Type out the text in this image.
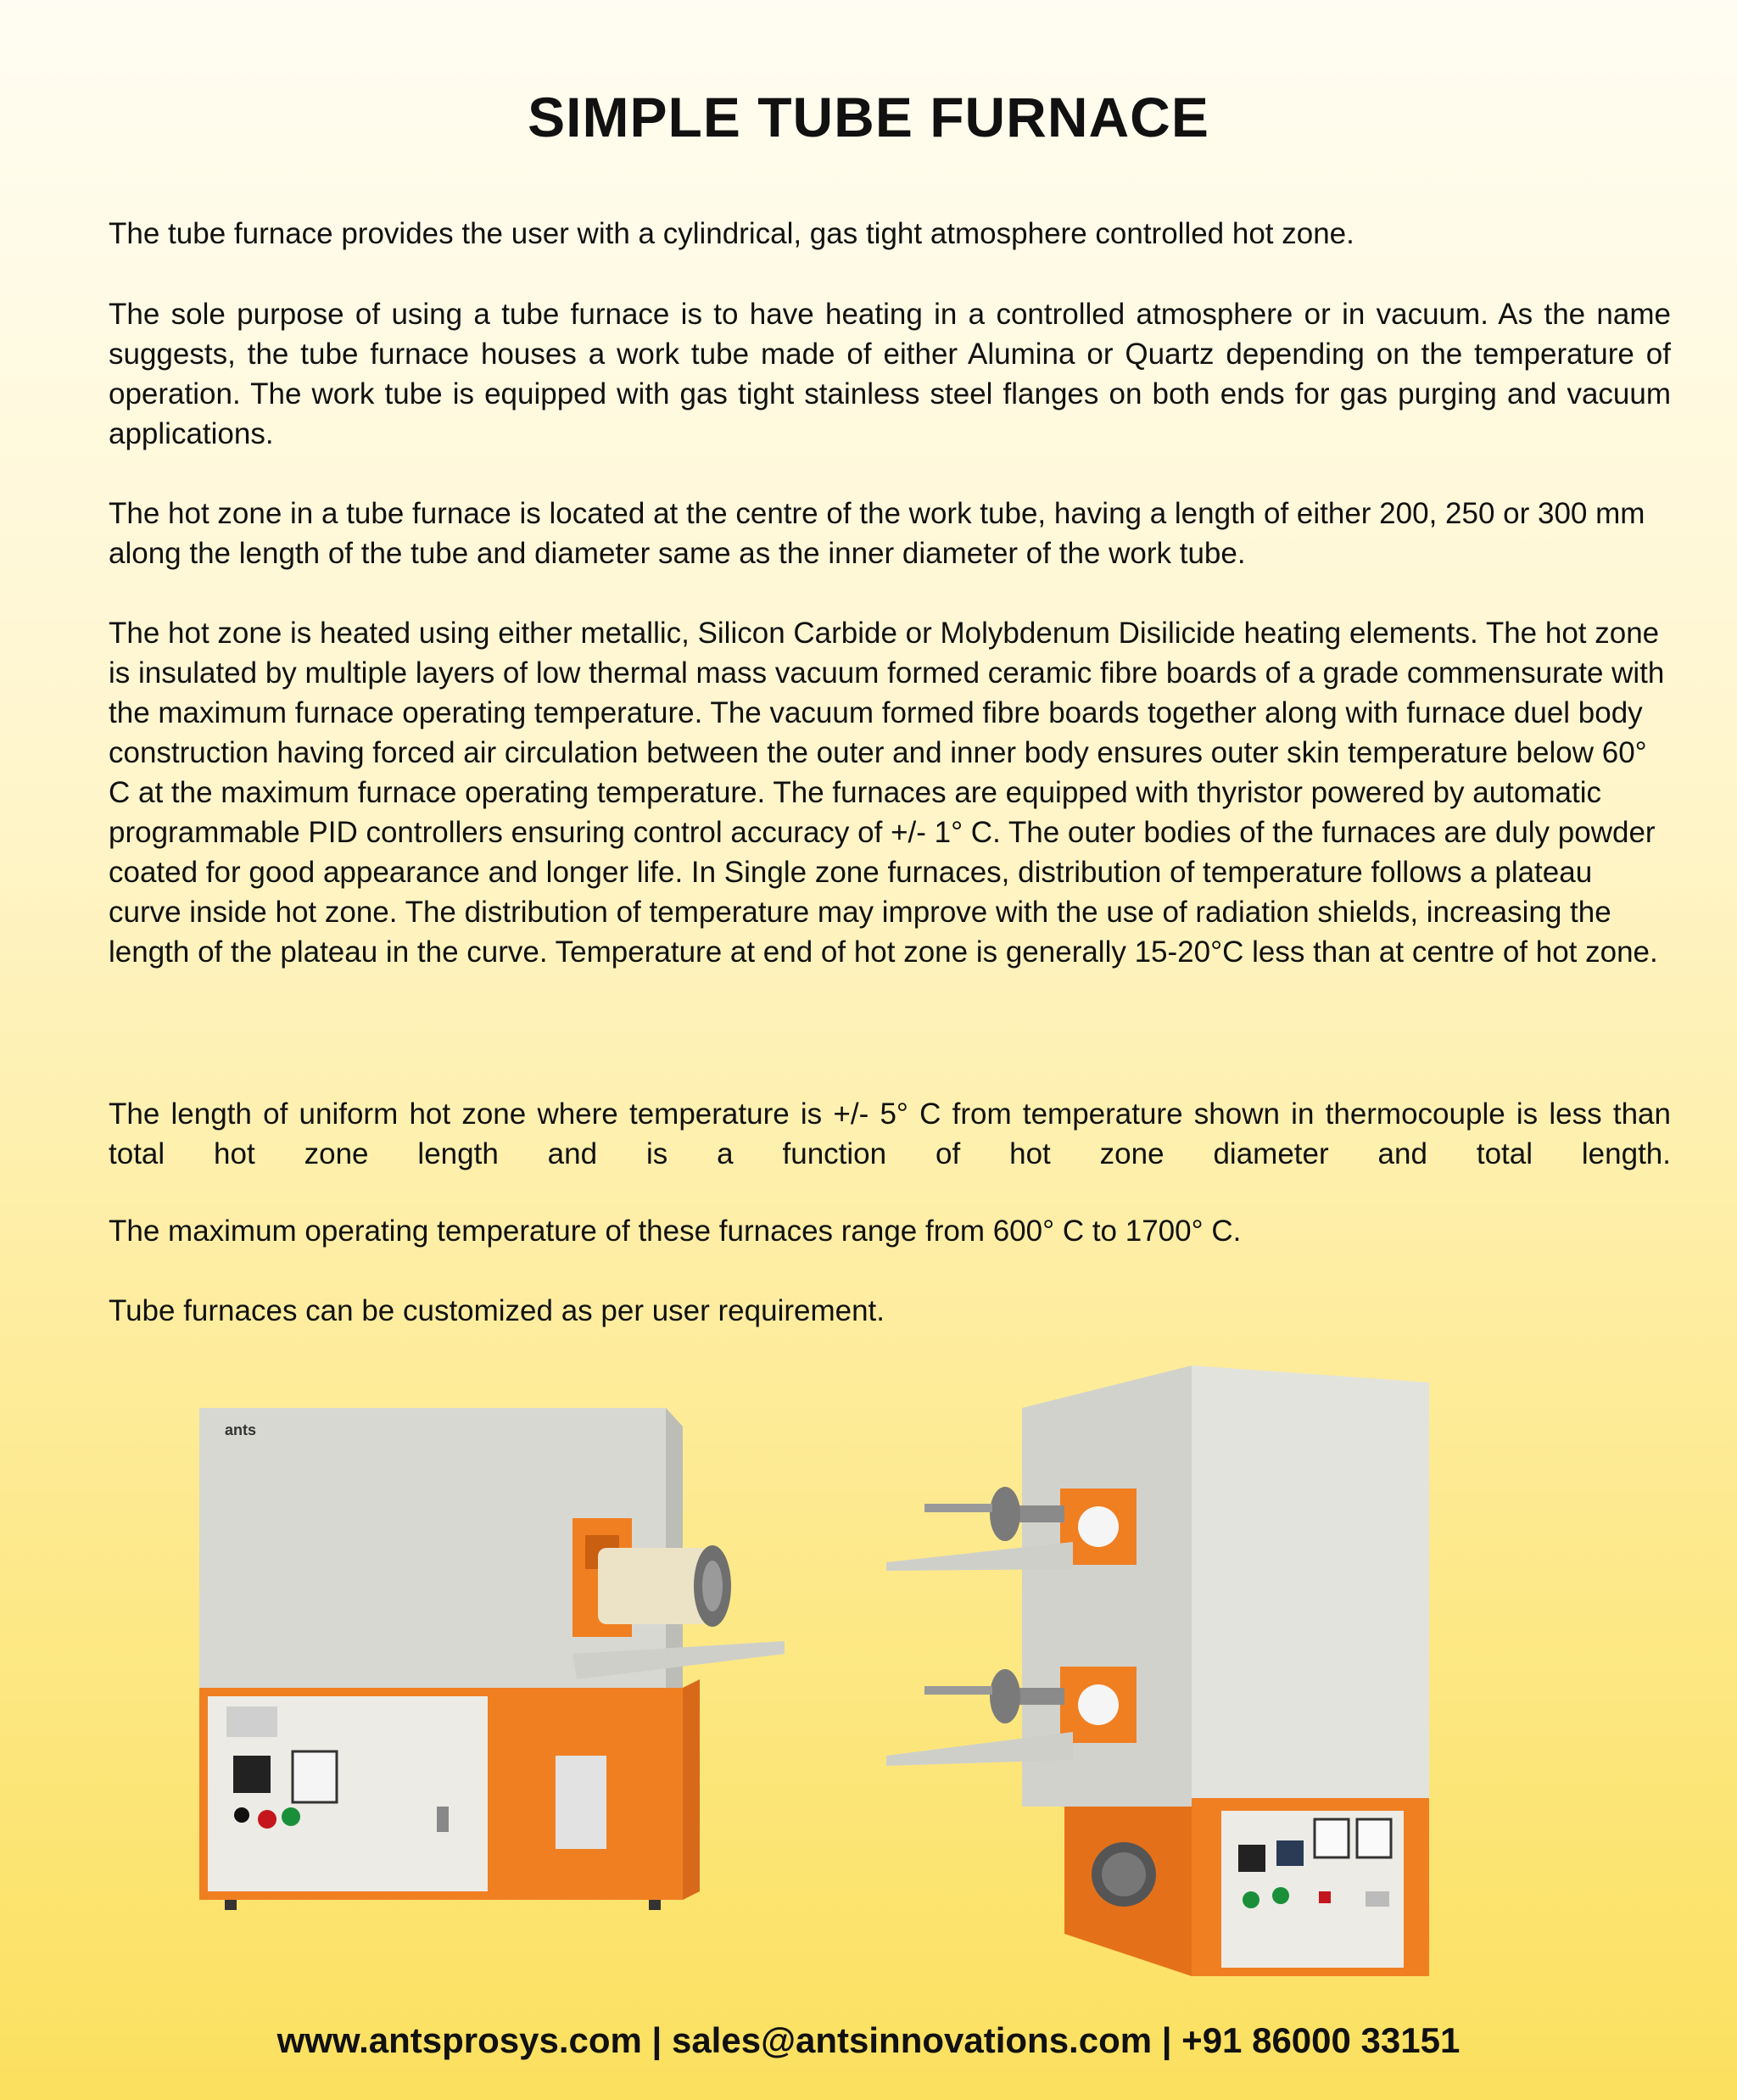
SIMPLE TUBE FURNACE

The tube furnace provides the user with a cylindrical, gas tight atmosphere controlled hot zone.

The sole purpose of using a tube furnace is to have heating in a controlled atmosphere or in vacuum. As the name suggests, the tube furnace houses a work tube made of either Alumina or Quartz depending on the temperature of operation. The work tube is equipped with gas tight stainless steel flanges on both ends for gas purging and vacuum applications.

The hot zone in a tube furnace is located at the centre of the work tube, having a length of either 200, 250 or 300 mm along the length of the tube and diameter same as the inner diameter of the work tube.

The hot zone is heated using either metallic, Silicon Carbide or Molybdenum Disilicide heating elements. The hot zone is insulated by multiple layers of low thermal mass vacuum formed ceramic fibre boards of a grade commensurate with the maximum furnace operating temperature. The vacuum formed fibre boards together along with furnace duel body construction having forced air circulation between the outer and inner body ensures outer skin temperature below 60° C at the maximum furnace operating temperature. The furnaces are equipped with thyristor powered by automatic programmable PID controllers ensuring control accuracy of +/- 1° C. The outer bodies of the furnaces are duly powder coated for good appearance and longer life. In Single zone furnaces, distribution of temperature follows a plateau curve inside hot zone. The distribution of temperature may improve with the use of radiation shields, increasing the length of the plateau in the curve. Temperature at end of hot zone is generally 15-20°C less than at centre of hot zone.

The length of uniform hot zone where temperature is +/- 5° C from temperature shown in thermocouple is less than total hot zone length and is a function of hot zone diameter and total length.

The maximum operating temperature of these furnaces range from 600° C to 1700° C.

Tube furnaces can be customized as per user requirement.

ants
www.antsprosys.com | sales@antsinnovations.com | +91 86000 33151
